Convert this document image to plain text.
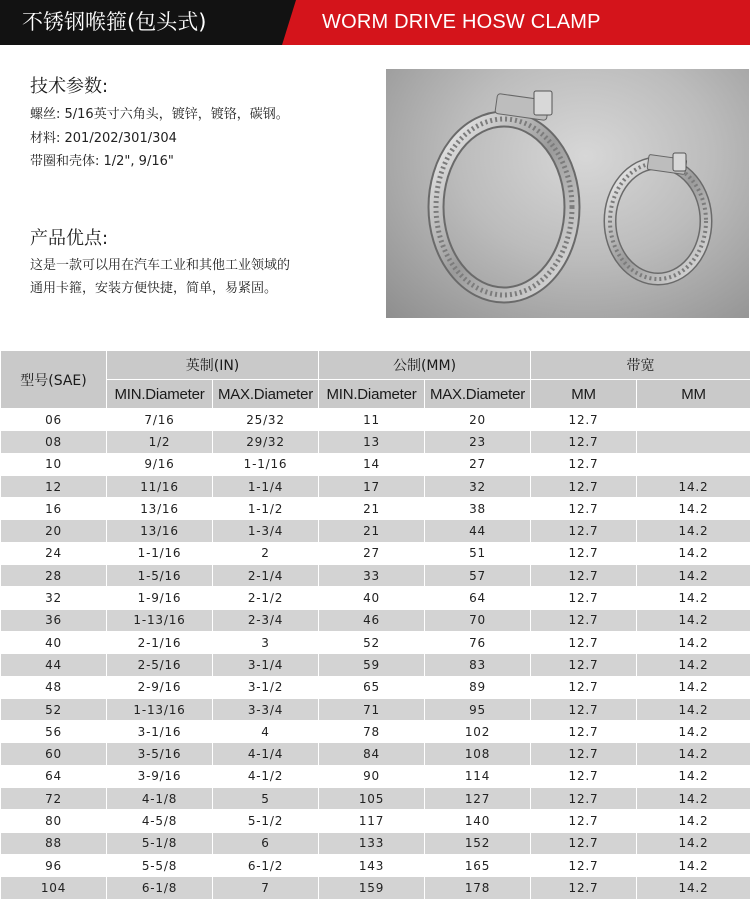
不锈钢喉箍(包头式)	WORM DRIVE HOSW CLAMP
技术参数:
螺丝: 5/16英寸六角头，镀锌，镀铬，碳钢。
材料: 201/202/301/304
带圈和壳体: 1/2", 9/16"
产品优点:
这是一款可以用在汽车工业和其他工业领域的
通用卡箍，安装方便快捷，简单，易紧固。
型号(SAE)	英制(IN)		公制(MM)		带宽	
	MIN.Diameter	MAX.Diameter	MIN.Diameter	MAX.Diameter	MM	MM
06	7/16	25/32	11	20	12.7	
08	1/2	29/32	13	23	12.7	
10	9/16	1-1/16	14	27	12.7	
12	11/16	1-1/4	17	32	12.7	14.2
16	13/16	1-1/2	21	38	12.7	14.2
20	13/16	1-3/4	21	44	12.7	14.2
24	1-1/16	2	27	51	12.7	14.2
28	1-5/16	2-1/4	33	57	12.7	14.2
32	1-9/16	2-1/2	40	64	12.7	14.2
36	1-13/16	2-3/4	46	70	12.7	14.2
40	2-1/16	3	52	76	12.7	14.2
44	2-5/16	3-1/4	59	83	12.7	14.2
48	2-9/16	3-1/2	65	89	12.7	14.2
52	1-13/16	3-3/4	71	95	12.7	14.2
56	3-1/16	4	78	102	12.7	14.2
60	3-5/16	4-1/4	84	108	12.7	14.2
64	3-9/16	4-1/2	90	114	12.7	14.2
72	4-1/8	5	105	127	12.7	14.2
80	4-5/8	5-1/2	117	140	12.7	14.2
88	5-1/8	6	133	152	12.7	14.2
96	5-5/8	6-1/2	143	165	12.7	14.2
104	6-1/8	7	159	178	12.7	14.2
